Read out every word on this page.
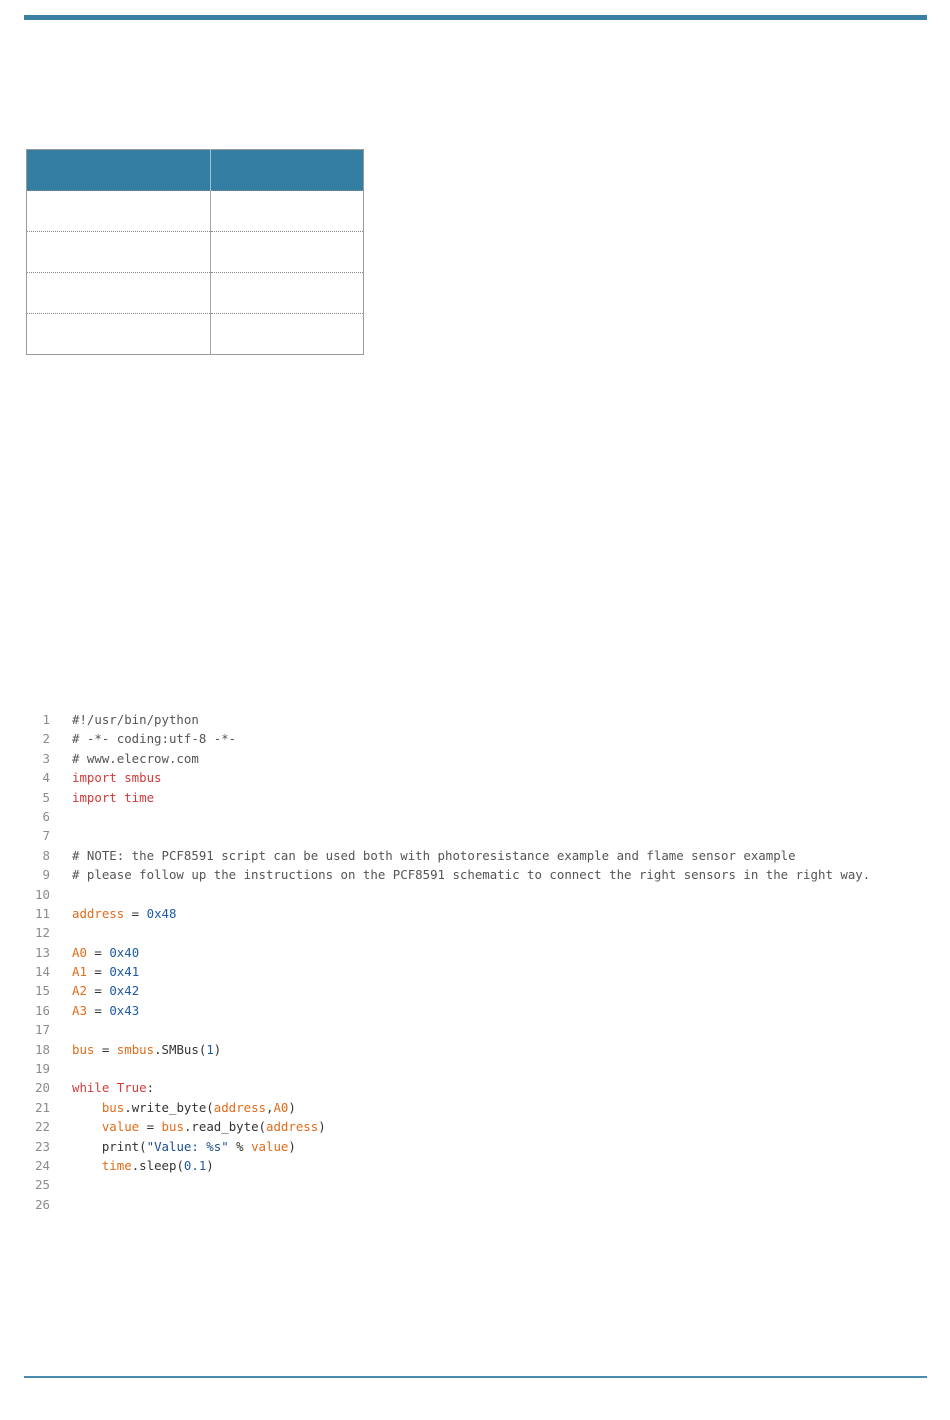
1 #!/usr/bin/python
2 # -*- coding:utf-8 -*-
3 # www.elecrow.com
4 import smbus
5 import time
6
7
8 # NOTE: the PCF8591 script can be used both with photoresistance example and flame sensor example
9 # please follow up the instructions on the PCF8591 schematic to connect the right sensors in the right way.
10
11 address = 0x48
12
13 A0 = 0x40
14 A1 = 0x41
15 A2 = 0x42
16 A3 = 0x43
17
18 bus = smbus.SMBus(1)
19
20 while True:
21	bus.write_byte(address,A0)
22	value = bus.read_byte(address)
23 print("Value: %s" % value)
24	time.sleep(0.1)
25
26
